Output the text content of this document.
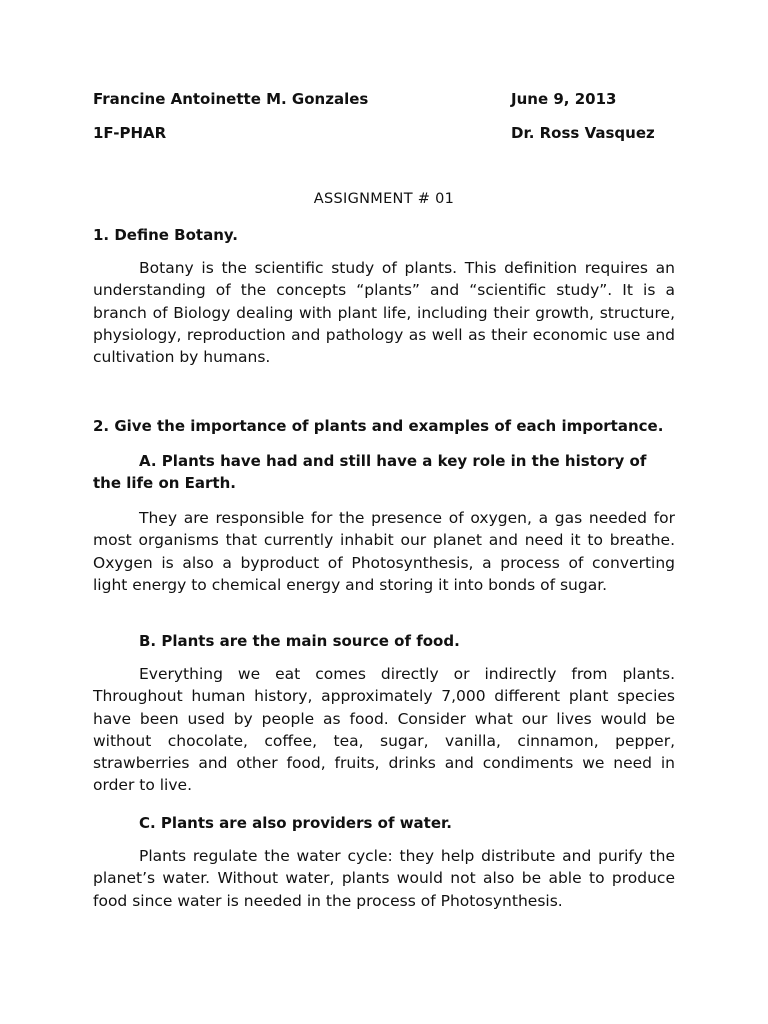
Francine Antoinette M. Gonzales	June 9, 2013
1F-PHAR	Dr. Ross Vasquez
ASSIGNMENT # 01
1. Define Botany.

Botany is the scientific study of plants. This definition requires an understanding of the concepts “plants” and “scientific study”. It is a branch of Biology dealing with plant life, including their growth, structure, physiology, reproduction and pathology as well as their economic use and cultivation by humans.

2. Give the importance of plants and examples of each importance.
A. Plants have had and still have a key role in the history of the life on Earth.

They are responsible for the presence of oxygen, a gas needed for most organisms that currently inhabit our planet and need it to breathe. Oxygen is also a byproduct of Photosynthesis, a process of converting light energy to chemical energy and storing it into bonds of sugar.

B. Plants are the main source of food.

Everything we eat comes directly or indirectly from plants. Throughout human history, approximately 7,000 different plant species have been used by people as food. Consider what our lives would be without chocolate, coffee, tea, sugar, vanilla, cinnamon, pepper, strawberries and other food, fruits, drinks and condiments we need in order to live.

C. Plants are also providers of water.

Plants regulate the water cycle: they help distribute and purify the planet’s water. Without water, plants would not also be able to produce food since water is needed in the process of Photosynthesis.
